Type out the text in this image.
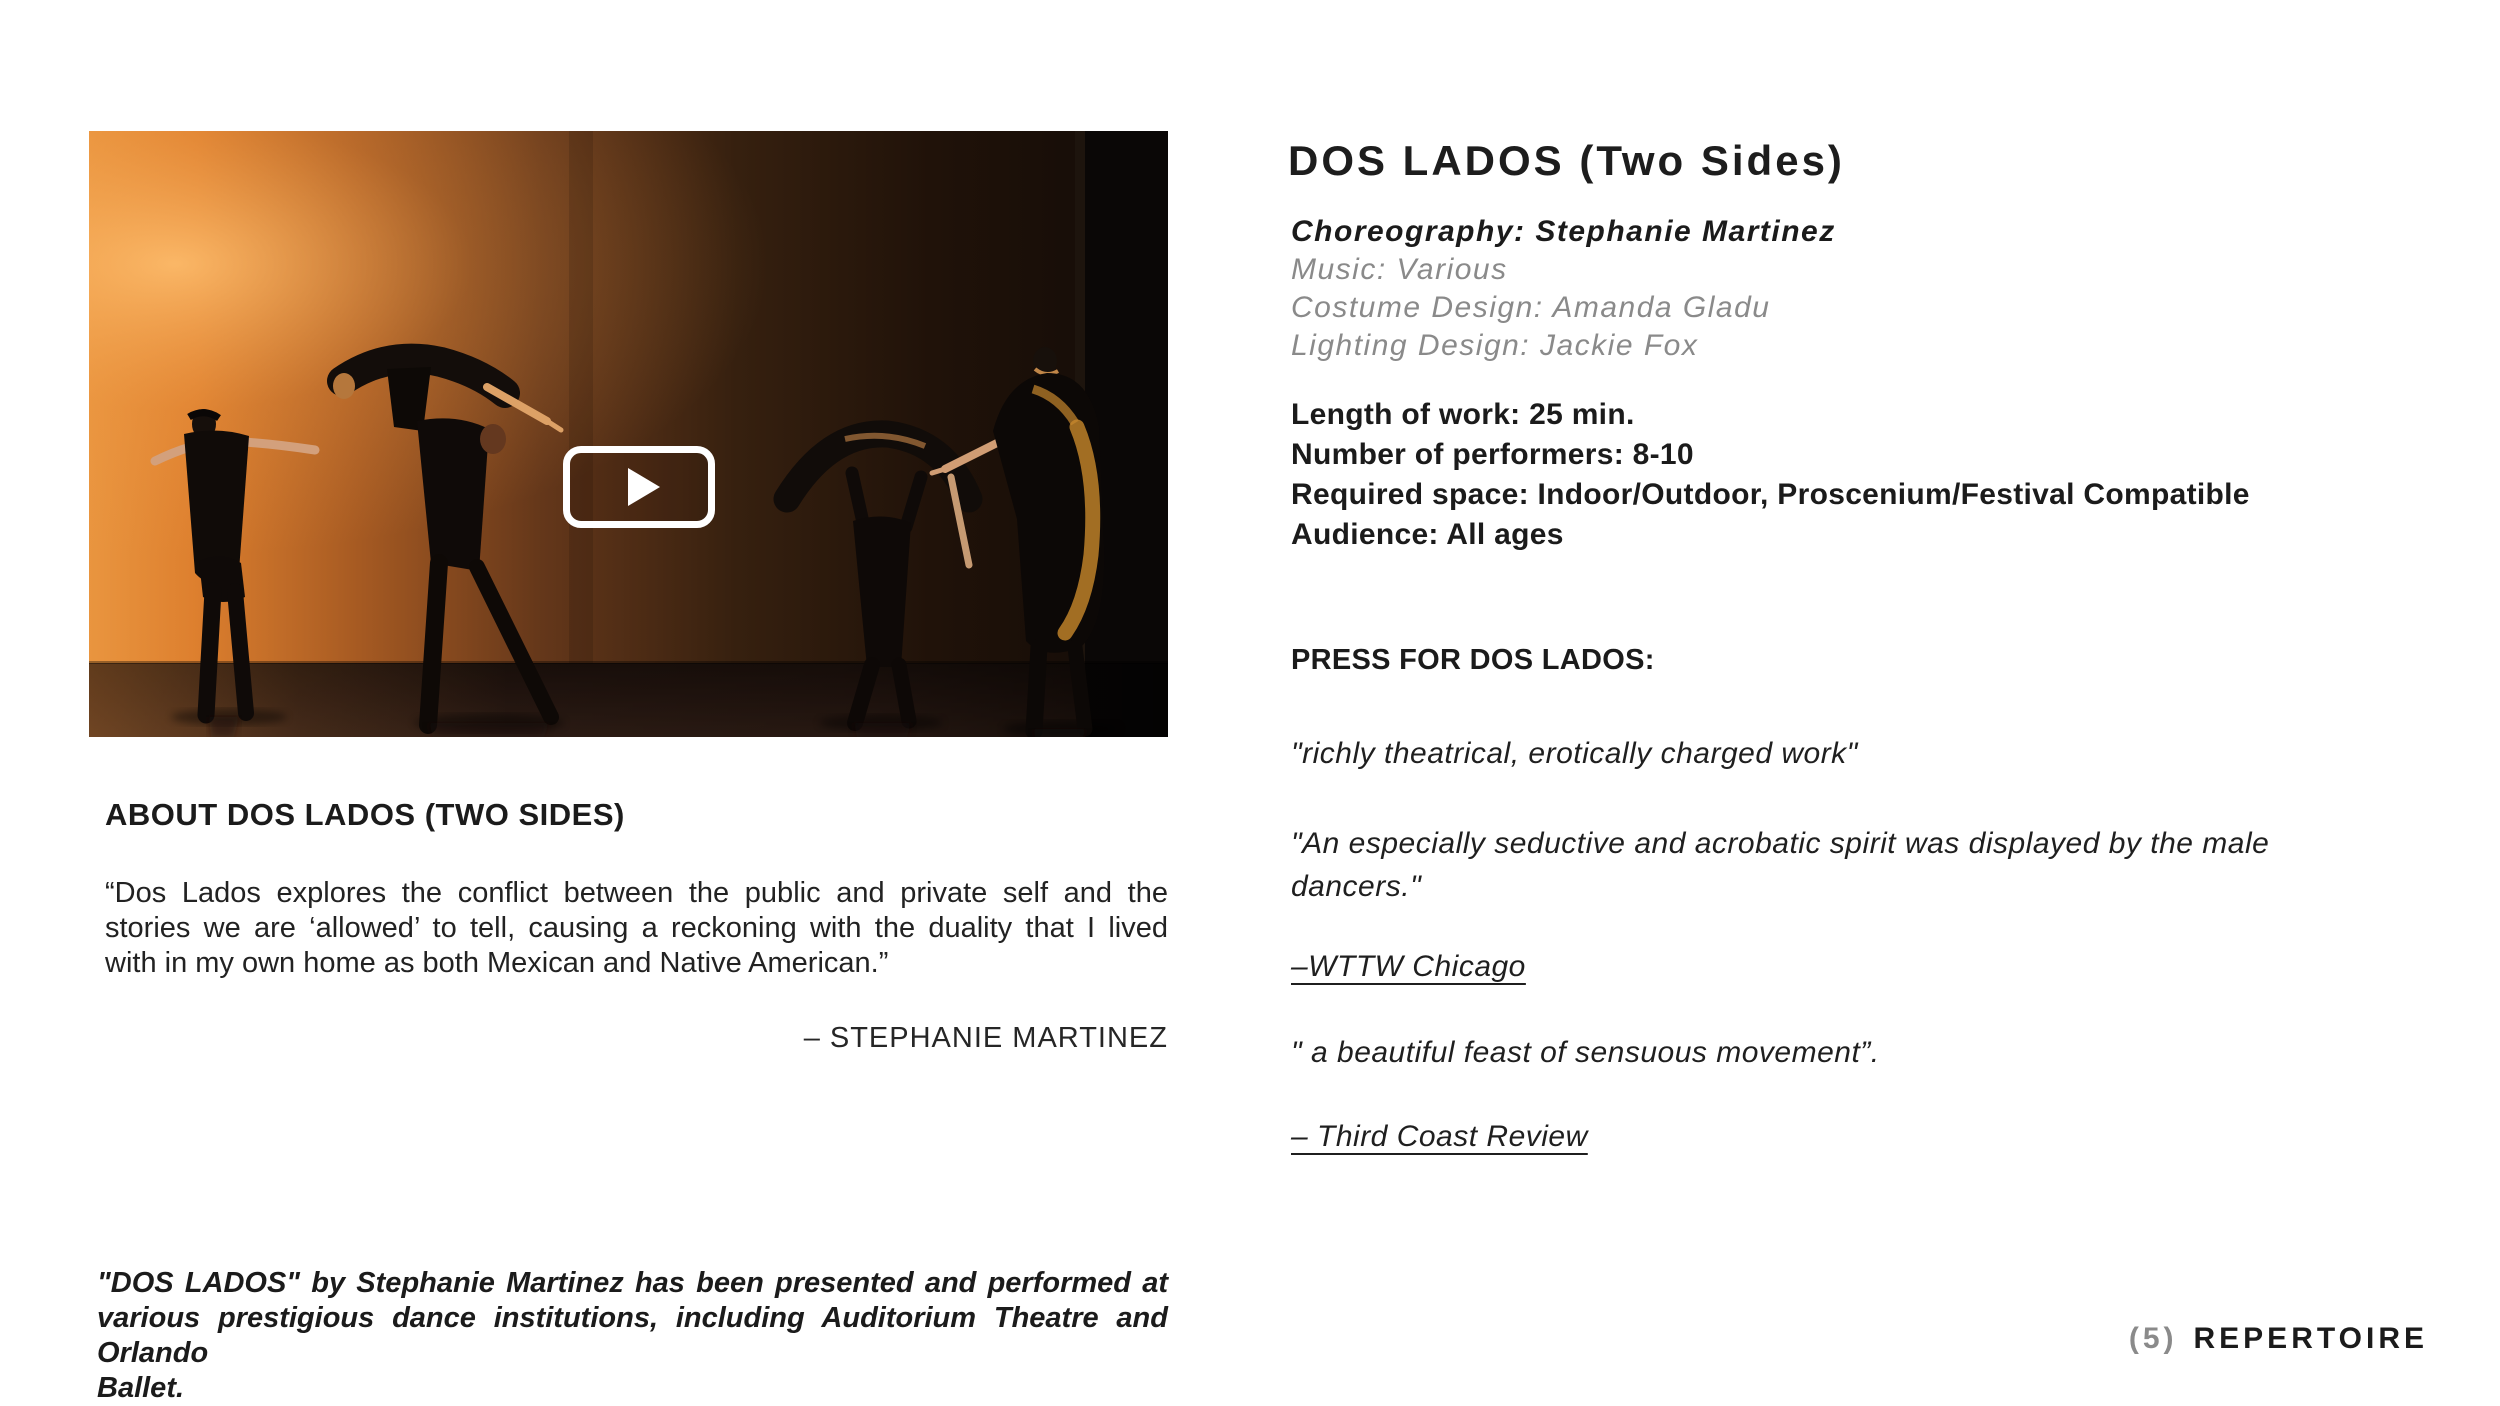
ABOUT DOS LADOS (TWO SIDES)
“Dos Lados explores the conflict between the public and private self and the
stories we are ‘allowed’ to tell, causing a reckoning with the duality that I lived
with in my own home as both Mexican and Native American.”
– STEPHANIE MARTINEZ
"DOS LADOS" by Stephanie Martinez has been presented and performed at
various prestigious dance institutions, including Auditorium Theatre and Orlando
Ballet.
DOS LADOS (Two Sides)
Choreography: Stephanie Martinez
Music: Various
Costume Design: Amanda Gladu
Lighting Design: Jackie Fox
Length of work: 25 min.
Number of performers: 8-10
Required space: Indoor/Outdoor, Proscenium/Festival Compatible
Audience: All ages
PRESS FOR DOS LADOS:
"richly theatrical, erotically charged work"
"An especially seductive and acrobatic spirit was displayed by the male
dancers."
–WTTW Chicago
" a beautiful feast of sensuous movement”.
– Third Coast Review
(5) REPERTOIRE
